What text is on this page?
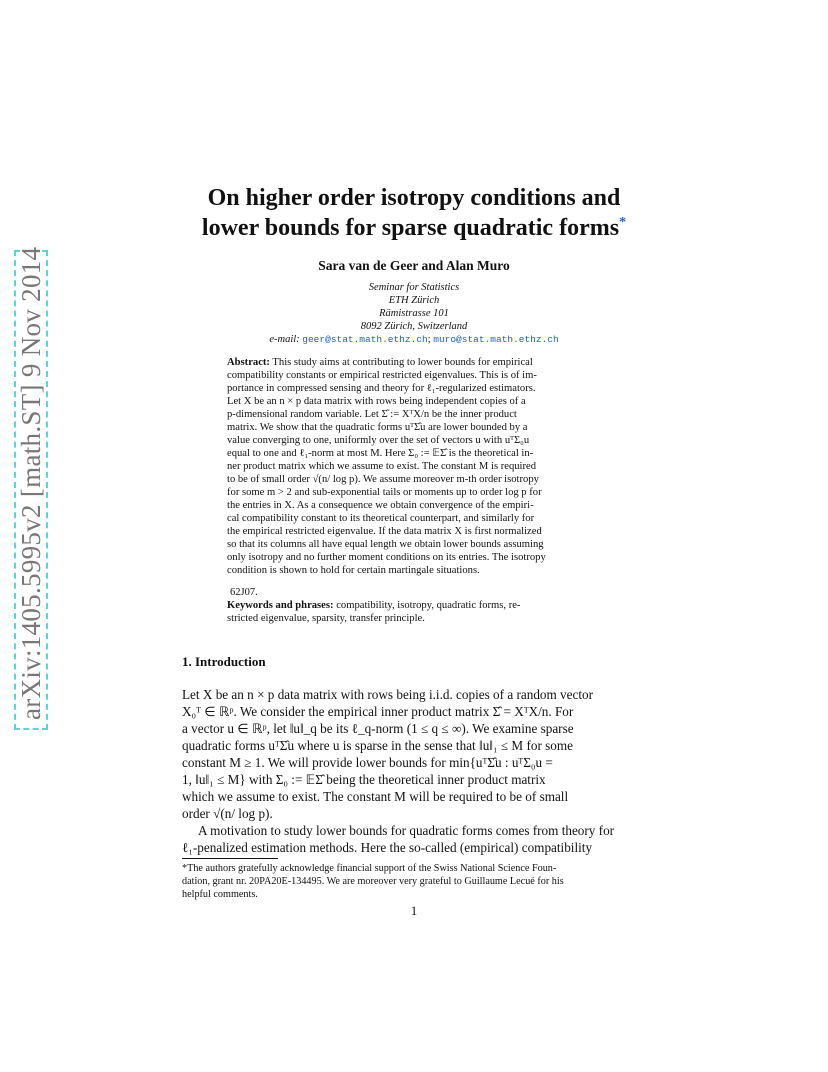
arXiv:1405.5995v2 [math.ST] 9 Nov 2014
On higher order isotropy conditions and
lower bounds for sparse quadratic forms*
Sara van de Geer and Alan Muro
Seminar for Statistics
ETH Zürich
Rämistrasse 101
8092 Zürich, Switzerland
e-mail: geer@stat.math.ethz.ch; muro@stat.math.ethz.ch
Abstract: This study aims at contributing to lower bounds for empirical
compatibility constants or empirical restricted eigenvalues. This is of im-
portance in compressed sensing and theory for ℓ₁-regularized estimators.
Let X be an n × p data matrix with rows being independent copies of a
p-dimensional random variable. Let Σ̂ := XᵀX/n be the inner product
matrix. We show that the quadratic forms uᵀΣ̂u are lower bounded by a
value converging to one, uniformly over the set of vectors u with uᵀΣ₀u
equal to one and ℓ₁-norm at most M. Here Σ₀ := 𝔼Σ̂ is the theoretical in-
ner product matrix which we assume to exist. The constant M is required
to be of small order √(n/ log p). We assume moreover m-th order isotropy
for some m > 2 and sub-exponential tails or moments up to order log p for
the entries in X. As a consequence we obtain convergence of the empiri-
cal compatibility constant to its theoretical counterpart, and similarly for
the empirical restricted eigenvalue. If the data matrix X is first normalized
so that its columns all have equal length we obtain lower bounds assuming
only isotropy and no further moment conditions on its entries. The isotropy
condition is shown to hold for certain martingale situations.
62J07.
Keywords and phrases: compatibility, isotropy, quadratic forms, re-
stricted eigenvalue, sparsity, transfer principle.
1. Introduction
Let X be an n × p data matrix with rows being i.i.d. copies of a random vector
X₀ᵀ ∈ ℝᵖ. We consider the empirical inner product matrix Σ̂ = XᵀX/n. For
a vector u ∈ ℝᵖ, let ‖u‖_q be its ℓ_q-norm (1 ≤ q ≤ ∞). We examine sparse
quadratic forms uᵀΣ̂u where u is sparse in the sense that ‖u‖₁ ≤ M for some
constant M ≥ 1. We will provide lower bounds for min{uᵀΣ̂u : uᵀΣ₀u =
1, ‖u‖₁ ≤ M} with Σ₀ := 𝔼Σ̂ being the theoretical inner product matrix
which we assume to exist. The constant M will be required to be of small
order √(n/ log p).
A motivation to study lower bounds for quadratic forms comes from theory for
ℓ₁-penalized estimation methods. Here the so-called (empirical) compatibility
*The authors gratefully acknowledge financial support of the Swiss National Science Foun-
dation, grant nr. 20PA20E-134495. We are moreover very grateful to Guillaume Lecué for his
helpful comments.
1
